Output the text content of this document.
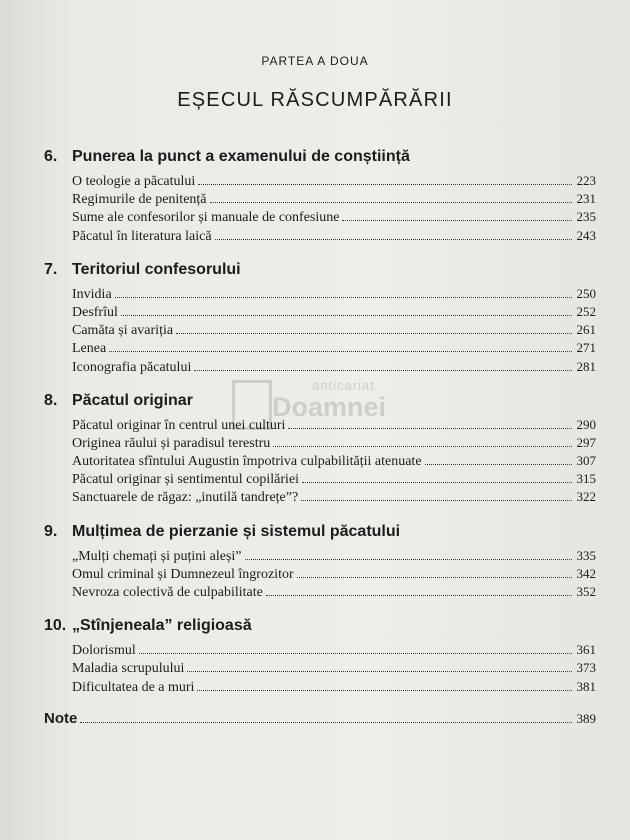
anticariat
Doamnei
PARTEA A DOUA
EȘECUL RĂSCUMPĂRĂRII
6. Punerea la punct a examenului de conștiință
O teologie a păcatului	223
Regimurile de penitență	231
Sume ale confesorilor și manuale de confesiune	235
Păcatul în literatura laică	243
7. Teritoriul confesorului
Invidia	250
Desfrîul	252
Camăta și avariția	261
Lenea	271
Iconografia păcatului	281
8. Păcatul originar
Păcatul originar în centrul unei culturi	290
Originea răului și paradisul terestru	297
Autoritatea sfîntului Augustin împotriva culpabilității atenuate	307
Păcatul originar și sentimentul copilăriei	315
Sanctuarele de răgaz: „inutilă tandrețe”?	322
9. Mulțimea de pierzanie și sistemul păcatului
„Mulți chemați și puțini aleși”	335
Omul criminal și Dumnezeul îngrozitor	342
Nevroza colectivă de culpabilitate	352
10. „Stînjeneala” religioasă
Dolorismul	361
Maladia scrupulului	373
Dificultatea de a muri	381
Note	389
